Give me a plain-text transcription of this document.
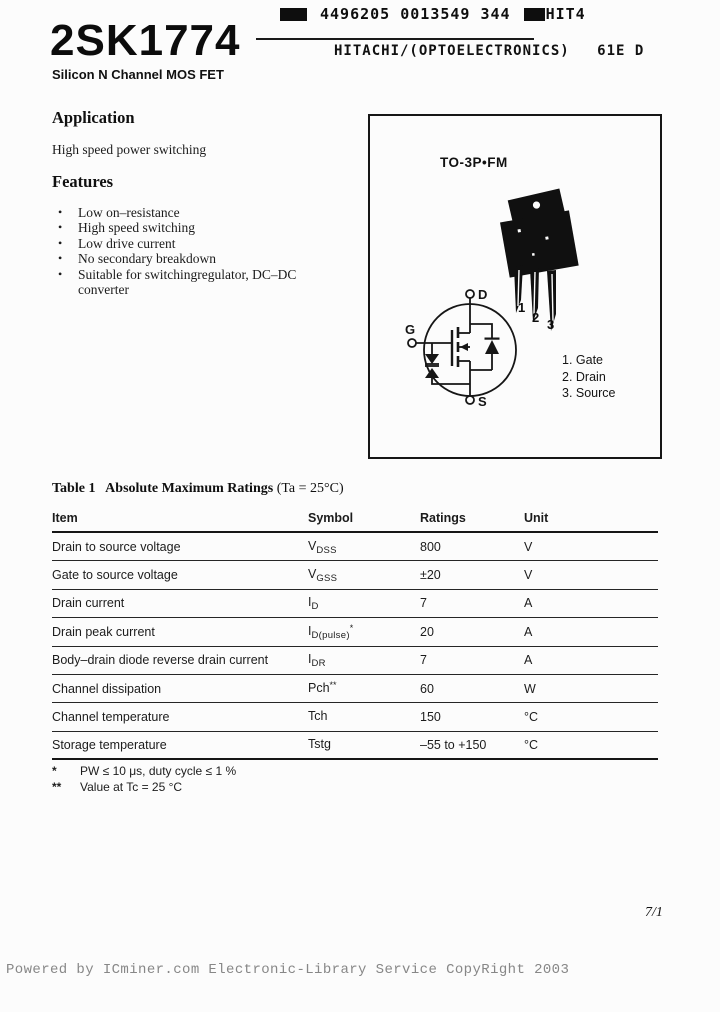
4496205 0013549 344 HIT4
2SK1774	HITACHI/(OPTOELECTRONICS) 61E D
Silicon N Channel MOS FET
Application
High speed power switching
Features
• Low on–resistance
• High speed switching
• Low drive current
• No secondary breakdown
• Suitable for switchingregulator, DC–DC converter
TO-3P•FM
1
2 3
1. Gate
2. Drain
3. Source
D
G
S
Table 1   Absolute Maximum Ratings (Ta = 25°C)
Item	Symbol	Ratings	Unit
Drain to source voltage	$V_{DSS}$	800	V
Gate to source voltage	$V_{GSS}$	±20	V
Drain current	$I_D$	7	A
Drain peak current	$I_{D(pulse)}^*$	20	A
Body–drain diode reverse drain current	$I_{DR}$	7	A
Channel dissipation	Pch**	60	W
Channel temperature	Tch	150	°C
Storage temperature	Tstg	–55 to +150	°C
*	PW ≤ 10 μs, duty cycle ≤ 1 %
**	Value at Tc = 25 °C
7/1
Powered by ICminer.com Electronic-Library Service CopyRight 2003
